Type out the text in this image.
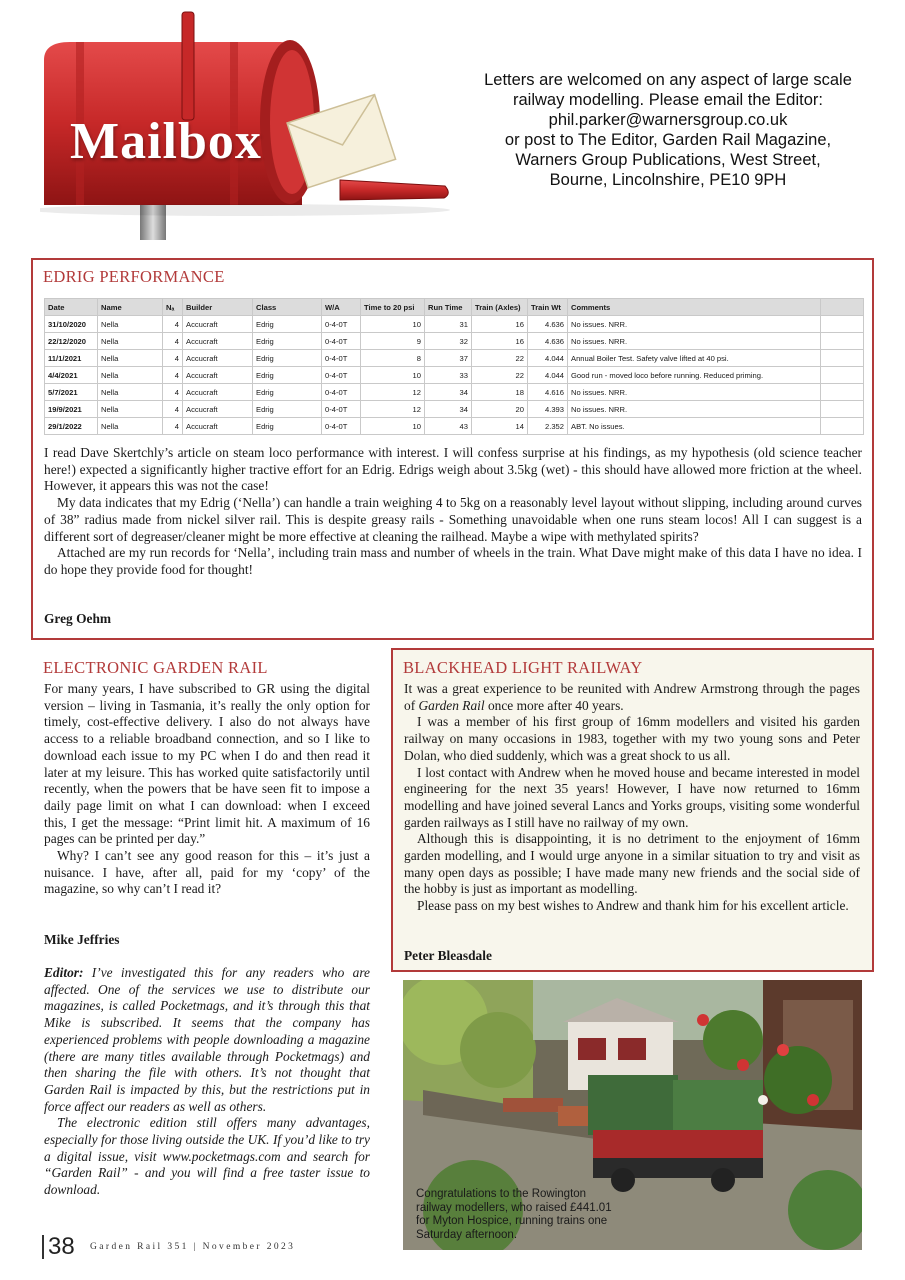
Mailbox
Letters are welcomed on any aspect of large scale
railway modelling. Please email the Editor:
phil.parker@warnersgroup.co.uk
or post to The Editor, Garden Rail Magazine,
Warners Group Publications, West Street,
Bourne, Lincolnshire, PE10 9PH
EDRIG PERFORMANCE
Date	Name	Nₐ	Builder	Class	W/A	Time to 20 psi	Run Time	Train (Axles)	Train Wt	Comments	
31/10/2020	Nella	4	Accucraft	Edrig	0-4-0T	10	31	16	4.636	No issues. NRR.	
22/12/2020	Nella	4	Accucraft	Edrig	0-4-0T	9	32	16	4.636	No issues. NRR.	
11/1/2021	Nella	4	Accucraft	Edrig	0-4-0T	8	37	22	4.044	Annual Boiler Test. Safety valve lifted at 40 psi.	
4/4/2021	Nella	4	Accucraft	Edrig	0-4-0T	10	33	22	4.044	Good run - moved loco before running. Reduced priming.	
5/7/2021	Nella	4	Accucraft	Edrig	0-4-0T	12	34	18	4.616	No issues. NRR.	
19/9/2021	Nella	4	Accucraft	Edrig	0-4-0T	12	34	20	4.393	No issues. NRR.	
29/1/2022	Nella	4	Accucraft	Edrig	0-4-0T	10	43	14	2.352	ABT. No issues.	

I read Dave Skertchly’s article on steam loco performance with interest. I will confess surprise at his findings, as my hypothesis (old science teacher here!) expected a significantly higher tractive effort for an Edrig. Edrigs weigh about 3.5kg (wet) - this should have allowed more friction at the wheel. However, it appears this was not the case!

My data indicates that my Edrig (‘Nella’) can handle a train weighing 4 to 5kg on a reasonably level layout without slipping, including around curves of 38” radius made from nickel silver rail. This is despite greasy rails - Something unavoidable when one runs steam locos! All I can suggest is a different sort of degreaser/cleaner might be more effective at cleaning the railhead. Maybe a wipe with methylated spirits?

Attached are my run records for ‘Nella’, including train mass and number of wheels in the train. What Dave might make of this data I have no idea. I do hope they provide food for thought!

Greg Oehm
ELECTRONIC GARDEN RAIL

For many years, I have subscribed to GR using the digital version – living in Tasmania, it’s really the only option for timely, cost-effective delivery. I also do not always have access to a reliable broadband connection, and so I like to download each issue to my PC when I do and then read it later at my leisure. This has worked quite satisfactorily until recently, when the powers that be have seen fit to impose a daily page limit on what I can download: when I exceed this, I get the message: “Print limit hit. A maximum of 16 pages can be printed per day.”

Why? I can’t see any good reason for this – it’s just a nuisance. I have, after all, paid for my ‘copy’ of the magazine, so why can’t I read it?

Mike Jeffries

Editor: I’ve investigated this for any readers who are affected. One of the services we use to distribute our magazines, is called Pocketmags, and it’s through this that Mike is subscribed. It seems that the company has experienced problems with people downloading a magazine (there are many titles available through Pocketmags) and then sharing the file with others. It’s not thought that Garden Rail is impacted by this, but the restrictions put in force affect our readers as well as others.

The electronic edition still offers many advantages, especially for those living outside the UK. If you’d like to try a digital issue, visit www.pocketmags.com and search for “Garden Rail” - and you will find a free taster issue to download.

BLACKHEAD LIGHT RAILWAY

It was a great experience to be reunited with Andrew Armstrong through the pages of Garden Rail once more after 40 years.

I was a member of his first group of 16mm modellers and visited his garden railway on many occasions in 1983, together with my two young sons and Peter Dolan, who died suddenly, which was a great shock to us all.

I lost contact with Andrew when he moved house and became interested in model engineering for the next 35 years! However, I have now returned to 16mm modelling and have joined several Lancs and Yorks groups, visiting some wonderful garden railways as I still have no railway of my own.

Although this is disappointing, it is no detriment to the enjoyment of 16mm garden modelling, and I would urge anyone in a similar situation to try and visit as many open days as possible; I have made many new friends and the social side of the hobby is just as important as modelling.

Please pass on my best wishes to Andrew and thank him for his excellent article.

Peter Bleasdale
Congratulations to the Rowington railway modellers, who raised £441.01 for Myton Hospice, running trains one Saturday afternoon.
38 Garden Rail 351 | November 2023
